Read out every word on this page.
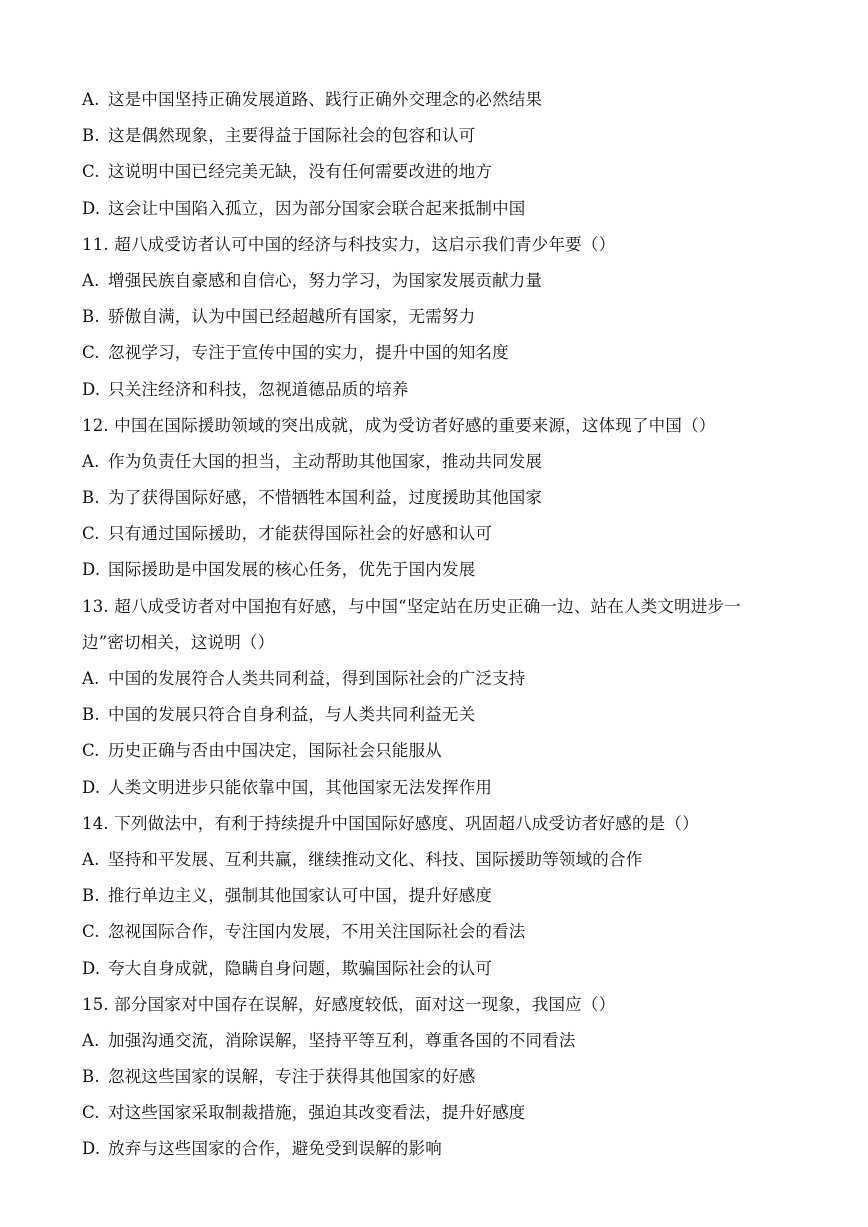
A. 这是中国坚持正确发展道路、践行正确外交理念的必然结果
B. 这是偶然现象，主要得益于国际社会的包容和认可
C. 这说明中国已经完美无缺，没有任何需要改进的地方
D. 这会让中国陷入孤立，因为部分国家会联合起来抵制中国
11. 超八成受访者认可中国的经济与科技实力，这启示我们青少年要（）
A. 增强民族自豪感和自信心，努力学习，为国家发展贡献力量
B. 骄傲自满，认为中国已经超越所有国家，无需努力
C. 忽视学习，专注于宣传中国的实力，提升中国的知名度
D. 只关注经济和科技，忽视道德品质的培养
12. 中国在国际援助领域的突出成就，成为受访者好感的重要来源，这体现了中国（）
A. 作为负责任大国的担当，主动帮助其他国家，推动共同发展
B. 为了获得国际好感，不惜牺牲本国利益，过度援助其他国家
C. 只有通过国际援助，才能获得国际社会的好感和认可
D. 国际援助是中国发展的核心任务，优先于国内发展
13. 超八成受访者对中国抱有好感，与中国“坚定站在历史正确一边、站在人类文明进步一
边”密切相关，这说明（）
A. 中国的发展符合人类共同利益，得到国际社会的广泛支持
B. 中国的发展只符合自身利益，与人类共同利益无关
C. 历史正确与否由中国决定，国际社会只能服从
D. 人类文明进步只能依靠中国，其他国家无法发挥作用
14. 下列做法中，有利于持续提升中国国际好感度、巩固超八成受访者好感的是（）
A. 坚持和平发展、互利共赢，继续推动文化、科技、国际援助等领域的合作
B. 推行单边主义，强制其他国家认可中国，提升好感度
C. 忽视国际合作，专注国内发展，不用关注国际社会的看法
D. 夸大自身成就，隐瞒自身问题，欺骗国际社会的认可
15. 部分国家对中国存在误解，好感度较低，面对这一现象，我国应（）
A. 加强沟通交流，消除误解，坚持平等互利，尊重各国的不同看法
B. 忽视这些国家的误解，专注于获得其他国家的好感
C. 对这些国家采取制裁措施，强迫其改变看法，提升好感度
D. 放弃与这些国家的合作，避免受到误解的影响
